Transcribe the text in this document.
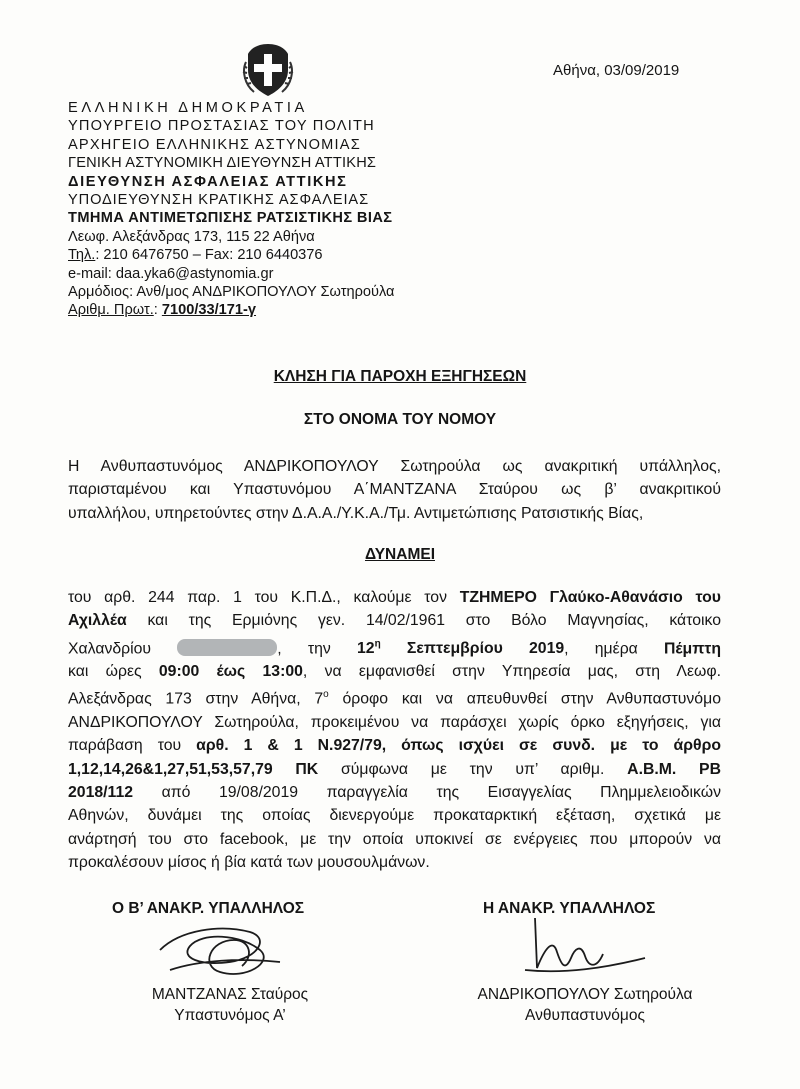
Αθήνα, 03/09/2019
ΕΛΛΗΝΙΚΗ ΔΗΜΟΚΡΑΤΙΑ
ΥΠΟΥΡΓΕΙΟ ΠΡΟΣΤΑΣΙΑΣ ΤΟΥ ΠΟΛΙΤΗ
ΑΡΧΗΓΕΙΟ ΕΛΛΗΝΙΚΗΣ ΑΣΤΥΝΟΜΙΑΣ
ΓΕΝΙΚΗ ΑΣΤΥΝΟΜΙΚΗ ΔΙΕΥΘΥΝΣΗ ΑΤΤΙΚΗΣ
ΔΙΕΥΘΥΝΣΗ ΑΣΦΑΛΕΙΑΣ ΑΤΤΙΚΗΣ
ΥΠΟΔΙΕΥΘΥΝΣΗ ΚΡΑΤΙΚΗΣ ΑΣΦΑΛΕΙΑΣ
ΤΜΗΜΑ ΑΝΤΙΜΕΤΩΠΙΣΗΣ ΡΑΤΣΙΣΤΙΚΗΣ ΒΙΑΣ
Λεωφ. Αλεξάνδρας 173, 115 22 Αθήνα
Τηλ.: 210 6476750 – Fax: 210 6440376
e-mail: daa.yka6@astynomia.gr
Αρμόδιος: Ανθ/μος ΑΝΔΡΙΚΟΠΟΥΛΟΥ Σωτηρούλα
Αριθμ. Πρωτ.: 7100/33/171-γ
ΚΛΗΣΗ ΓΙΑ ΠΑΡΟΧΗ ΕΞΗΓΗΣΕΩΝ
ΣΤΟ ΟΝΟΜΑ ΤΟΥ ΝΟΜΟΥ
Η Ανθυπαστυνόμος ΑΝΔΡΙΚΟΠΟΥΛΟΥ Σωτηρούλα ως ανακριτική υπάλληλος,
παρισταμένου και Υπαστυνόμου Α΄ΜΑΝΤΖΑΝΑ Σταύρου ως β’ ανακριτικού
υπαλλήλου, υπηρετούντες στην Δ.Α.Α./Υ.Κ.Α./Τμ. Αντιμετώπισης Ρατσιστικής Βίας,
ΔΥΝΑΜΕΙ
του αρθ. 244 παρ. 1 του Κ.Π.Δ., καλούμε τον ΤΖΗΜΕΡΟ Γλαύκο-Αθανάσιο του
Αχιλλέα και της Ερμιόνης γεν. 14/02/1961 στο Βόλο Μαγνησίας, κάτοικο
Χαλανδρίου	, την $12^\eta$ Σεπτεμβρίου 2019, ημέρα Πέμπτη
και ώρες 09:00 έως 13:00, να εμφανισθεί στην Υπηρεσία μας, στη Λεωφ.
Αλεξάνδρας 173 στην Αθήνα, $7^o$ όροφο και να απευθυνθεί στην Ανθυπαστυνόμο
ΑΝΔΡΙΚΟΠΟΥΛΟΥ Σωτηρούλα, προκειμένου να παράσχει χωρίς όρκο εξηγήσεις, για
παράβαση του αρθ. 1 & 1 Ν.927/79, όπως ισχύει σε συνδ. με το άρθρο
1,12,14,26&1,27,51,53,57,79 ΠΚ σύμφωνα με την υπ’ αριθμ. Α.Β.Μ. ΡΒ
2018/112 από 19/08/2019 παραγγελία της Εισαγγελίας Πλημμελειοδικών
Αθηνών, δυνάμει της οποίας διενεργούμε προκαταρκτική εξέταση, σχετικά με
ανάρτησή του στο facebook, με την οποία υποκινεί σε ενέργειες που μπορούν να
προκαλέσουν μίσος ή βία κατά των μουσουλμάνων.
Ο Β’ ΑΝΑΚΡ. ΥΠΑΛΛΗΛΟΣ	Η ΑΝΑΚΡ. ΥΠΑΛΛΗΛΟΣ
ΜΑΝΤΖΑΝΑΣ Σταύρος
Υπαστυνόμος Α’
ΑΝΔΡΙΚΟΠΟΥΛΟΥ Σωτηρούλα
Ανθυπαστυνόμος
